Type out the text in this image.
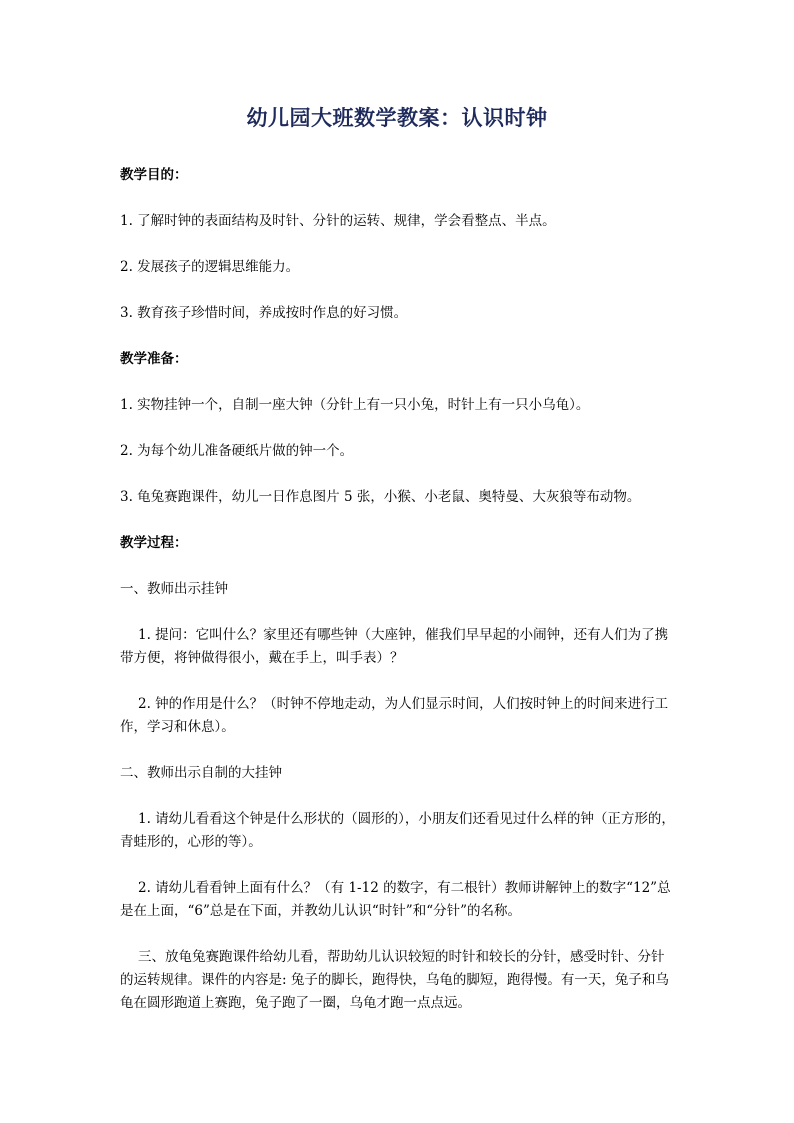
幼儿园大班数学教案：认识时钟
教学目的：
1. 了解时钟的表面结构及时针、分针的运转、规律，学会看整点、半点。
2. 发展孩子的逻辑思维能力。
3. 教育孩子珍惜时间，养成按时作息的好习惯。
教学准备：
1. 实物挂钟一个，自制一座大钟（分针上有一只小兔，时针上有一只小乌龟）。
2. 为每个幼儿准备硬纸片做的钟一个。
3. 龟兔赛跑课件，幼儿一日作息图片 5 张，小猴、小老鼠、奥特曼、大灰狼等布动物。
教学过程：
一、教师出示挂钟
1. 提问：它叫什么？家里还有哪些钟（大座钟，催我们早早起的小闹钟，还有人们为了携带方便，将钟做得很小，戴在手上，叫手表）？
2. 钟的作用是什么？（时钟不停地走动，为人们显示时间，人们按时钟上的时间来进行工作，学习和休息）。
二、教师出示自制的大挂钟
1. 请幼儿看看这个钟是什么形状的（圆形的），小朋友们还看见过什么样的钟（正方形的，青蛙形的，心形的等）。
2. 请幼儿看看钟上面有什么？（有 1-12 的数字，有二根针）教师讲解钟上的数字“12”总是在上面，“6”总是在下面，并教幼儿认识“时针”和“分针”的名称。
三、放龟兔赛跑课件给幼儿看，帮助幼儿认识较短的时针和较长的分针，感受时针、分针的运转规律。课件的内容是: 兔子的脚长，跑得快，乌龟的脚短，跑得慢。有一天，兔子和乌龟在圆形跑道上赛跑，兔子跑了一圈，乌龟才跑一点点远。
